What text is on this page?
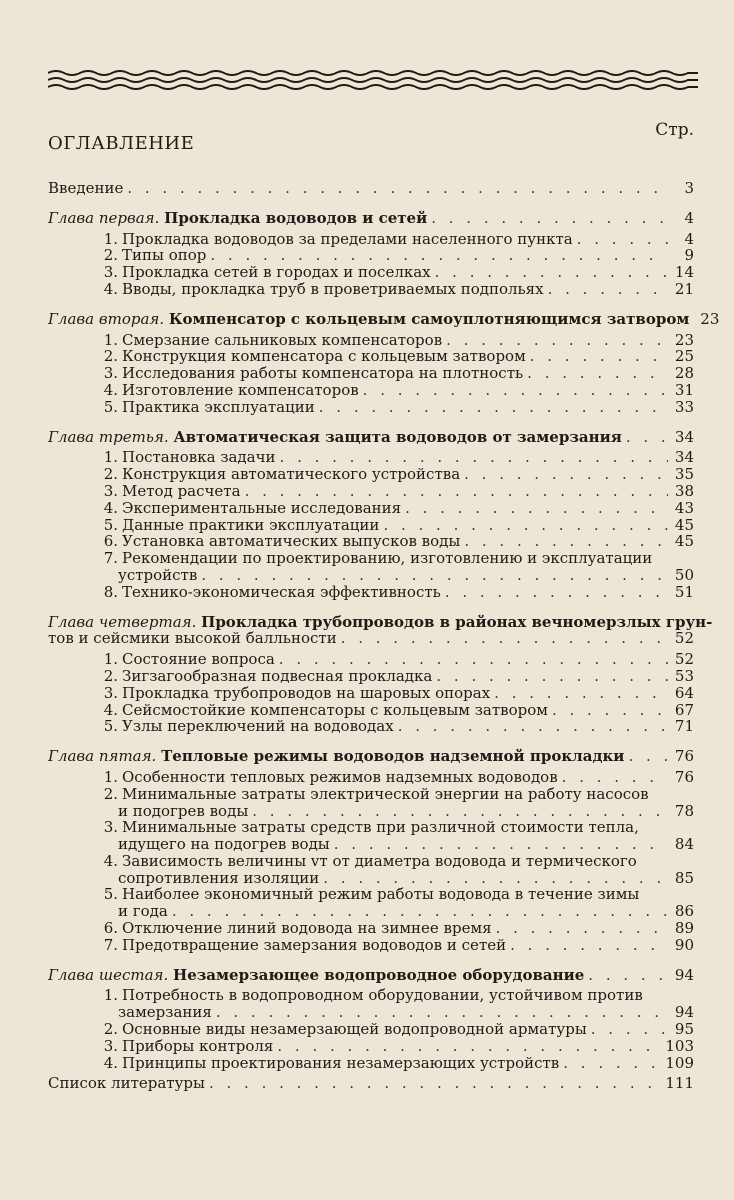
Стр.
ОГЛАВЛЕНИЕ
Введение . . .	3
Глава первая. Прокладка водоводов и сетей . . .	4
1. Прокладка водоводов за пределами населенного пункта . . .	4
2. Типы опор . . .	9
3. Прокладка сетей в городах и поселках . . .	14
4. Вводы, прокладка труб в проветриваемых подпольях . . .	21
Глава вторая. Компенсатор с кольцевым самоуплотняющимся затвором 23
1. Смерзание сальниковых компенсаторов . . .	23
2. Конструкция компенсатора с кольцевым затвором . . .	25
3. Исследования работы компенсатора на плотность . . .	28
4. Изготовление компенсаторов . . .	31
5. Практика эксплуатации . . .	33
Глава третья. Автоматическая защита водоводов от замерзания . . .	34
1. Постановка задачи . . .	34
2. Конструкция автоматического устройства . . .	35
3. Метод расчета . . .	38
4. Экспериментальные исследования . . .	43
5. Данные практики эксплуатации . . .	45
6. Установка автоматических выпусков воды . . .	45
7. Рекомендации по проектированию, изготовлению и эксплуатации
устройств . . .	50
8. Технико-экономическая эффективность . . .	51
Глава четвертая. Прокладка трубопроводов в районах вечномерзлых грун-
тов и сейсмики высокой балльности . . .	52
1. Состояние вопроса . . .	52
2. Зигзагообразная подвесная прокладка . . .	53
3. Прокладка трубопроводов на шаровых опорах . . .	64
4. Сейсмостойкие компенсаторы с кольцевым затвором . . .	67
5. Узлы переключений на водоводах . . .	71
Глава пятая. Тепловые режимы водоводов надземной прокладки . . .	76
1. Особенности тепловых режимов надземных водоводов . . .	76
2. Минимальные затраты электрической энергии на работу насосов
и подогрев воды . . .	78
3. Минимальные затраты средств при различной стоимости тепла,
идущего на подогрев воды . . .	84
4. Зависимость величины vт от диаметра водовода и термического
сопротивления изоляции . . .	85
5. Наиболее экономичный режим работы водовода в течение зимы
и года . . .	86
6. Отключение линий водовода на зимнее время . . .	89
7. Предотвращение замерзания водоводов и сетей . . .	90
Глава шестая. Незамерзающее водопроводное оборудование . . .	94
1. Потребность в водопроводном оборудовании, устойчивом против
замерзания . . .	94
2. Основные виды незамерзающей водопроводной арматуры . . .	95
3. Приборы контроля . . .	103
4. Принципы проектирования незамерзающих устройств . . .	109
Список литературы . . .	111
